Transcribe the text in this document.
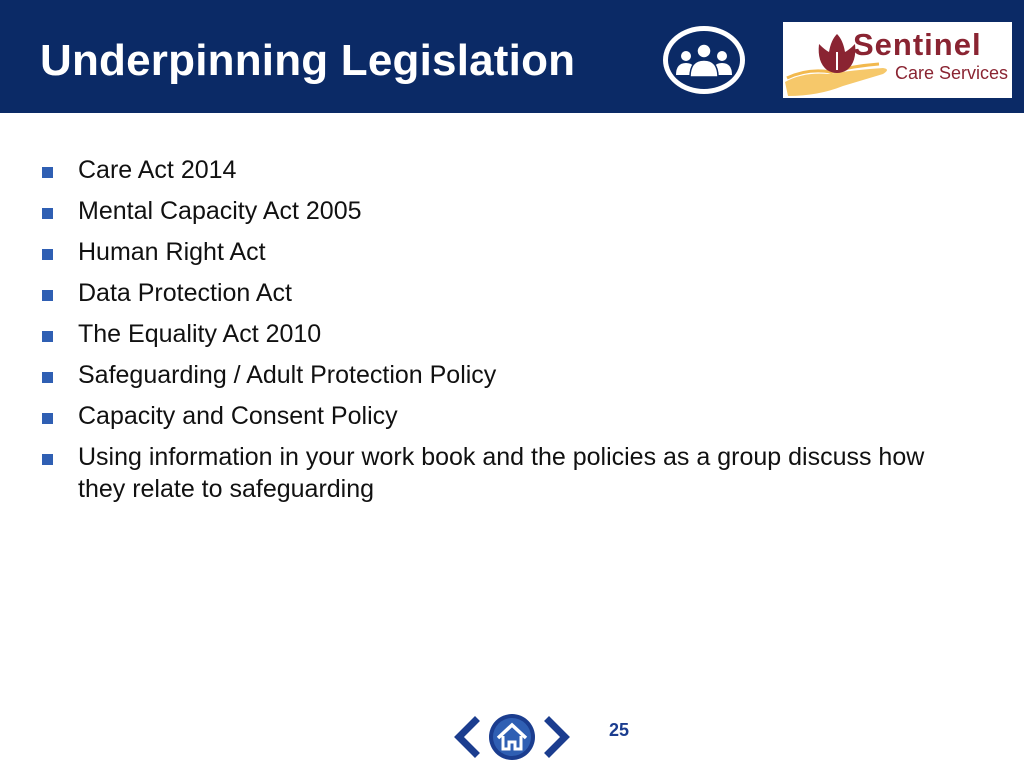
Underpinning Legislation	Sentinel
Care Services
Care Act 2014
Mental Capacity Act 2005
Human Right Act
Data Protection Act
The Equality Act 2010
Safeguarding / Adult Protection Policy
Capacity and Consent Policy
Using information in your work book and the policies as a group discuss how they relate to safeguarding
25
